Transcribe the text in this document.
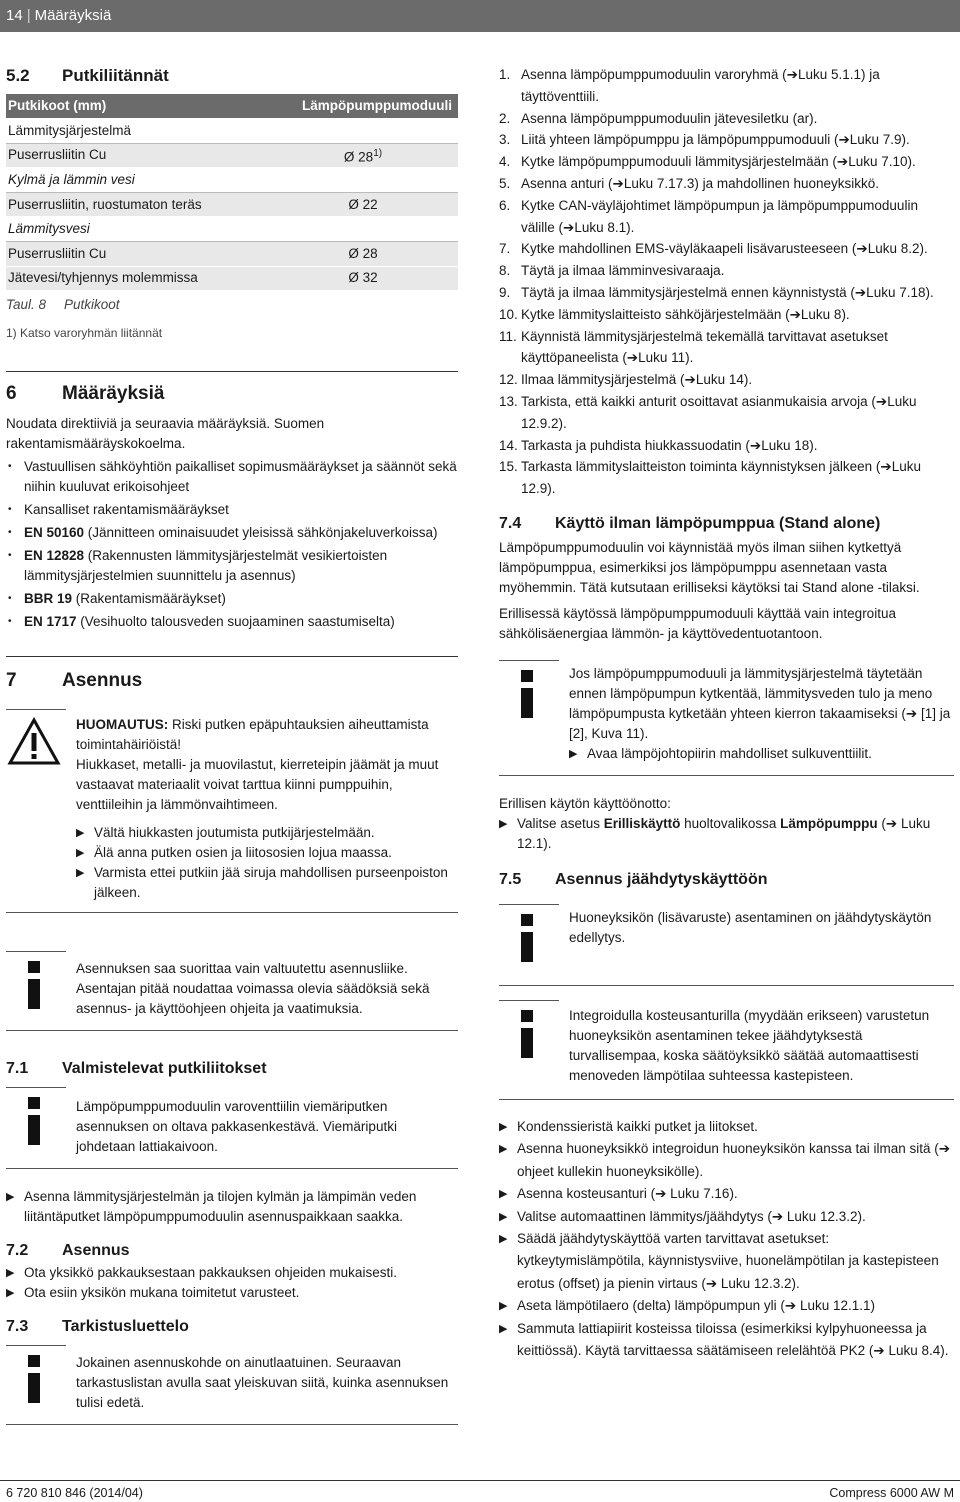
14 | Määräyksiä
5.2 Putkiliitännät
Putkikoot (mm)	Lämpöpumppumoduuli
Lämmitysjärjestelmä	
Puserrusliitin Cu	Ø 28$^{1)}$
Kylmä ja lämmin vesi	
Puserrusliitin, ruostumaton teräs	Ø 22
Lämmitysvesi	
Puserrusliitin Cu	Ø 28
Jätevesi/tyhjennys molemmissa	Ø 32
Taul. 8 Putkikoot
1) Katso varoryhmän liitännät
6 Määräyksiä

Noudata direktiiviä ja seuraavia määräyksiä. Suomen rakentamismääräyskokoelma.

• Vastuullisen sähköyhtiön paikalliset sopimusmääräykset ja säännöt sekä niihin kuuluvat erikoisohjeet
• Kansalliset rakentamismääräykset
• EN 50160 (Jännitteen ominaisuudet yleisissä sähkönjakeluverkoissa)
• EN 12828 (Rakennusten lämmitysjärjestelmät vesikiertoisten lämmitysjärjestelmien suunnittelu ja asennus)
• BBR 19 (Rakentamismääräykset)
• EN 1717 (Vesihuolto talousveden suojaaminen saastumiselta)
7 Asennus

HUOMAUTUS: Riski putken epäpuhtauksien aiheuttamista toimintahäiriöistä!

Hiukkaset, metalli- ja muovilastut, kierreteipin jäämät ja muut vastaavat materiaalit voivat tarttua kiinni pumppuihin, venttiileihin ja lämmönvaihtimeen.

▶ Vältä hiukkasten joutumista putkijärjestelmään.
▶ Älä anna putken osien ja liitososien lojua maassa.
▶ Varmista ettei putkiin jää siruja mahdollisen purseenpoiston jälkeen.

Asennuksen saa suorittaa vain valtuutettu asennusliike. Asentajan pitää noudattaa voimassa olevia säädöksiä sekä asennus- ja käyttöohjeen ohjeita ja vaatimuksia.

7.1 Valmistelevat putkiliitokset

Lämpöpumppumoduulin varoventtiilin viemäriputken asennuksen on oltava pakkasenkestävä. Viemäriputki johdetaan lattiakaivoon.

▶ Asenna lämmitysjärjestelmän ja tilojen kylmän ja lämpimän veden liitäntäputket lämpöpumppumoduulin asennuspaikkaan saakka.
7.2 Asennus
▶ Ota yksikkö pakkauksestaan pakkauksen ohjeiden mukaisesti.
▶ Ota esiin yksikön mukana toimitetut varusteet.
7.3 Tarkistusluettelo

Jokainen asennuskohde on ainutlaatuinen. Seuraavan tarkastuslistan avulla saat yleiskuvan siitä, kuinka asennuksen tulisi edetä.

1. Asenna lämpöpumppumoduulin varoryhmä (➔Luku 5.1.1) ja täyttöventtiili.
2. Asenna lämpöpumppumoduulin jätevesiletku (ar).
3. Liitä yhteen lämpöpumppu ja lämpöpumppumoduuli (➔Luku 7.9).
4. Kytke lämpöpumppumoduuli lämmitysjärjestelmään (➔Luku 7.10).
5. Asenna anturi (➔Luku 7.17.3) ja mahdollinen huoneyksikkö.
6. Kytke CAN-väyläjohtimet lämpöpumpun ja lämpöpumppumoduulin välille (➔Luku 8.1).
7. Kytke mahdollinen EMS-väyläkaapeli lisävarusteeseen (➔Luku 8.2).
8. Täytä ja ilmaa lämminvesivaraaja.
9. Täytä ja ilmaa lämmitysjärjestelmä ennen käynnistystä (➔Luku 7.18).
10. Kytke lämmityslaitteisto sähköjärjestelmään (➔Luku 8).
11. Käynnistä lämmitysjärjestelmä tekemällä tarvittavat asetukset käyttöpaneelista (➔Luku 11).
12. Ilmaa lämmitysjärjestelmä (➔Luku 14).
13. Tarkista, että kaikki anturit osoittavat asianmukaisia arvoja (➔Luku 12.9.2).
14. Tarkasta ja puhdista hiukkassuodatin (➔Luku 18).
15. Tarkasta lämmityslaitteiston toiminta käynnistyksen jälkeen (➔Luku 12.9).
7.4 Käyttö ilman lämpöpumppua (Stand alone)

Lämpöpumppumoduulin voi käynnistää myös ilman siihen kytkettyä lämpöpumppua, esimerkiksi jos lämpöpumppu asennetaan vasta myöhemmin. Tätä kutsutaan erilliseksi käytöksi tai Stand alone -tilaksi.

Erillisessä käytössä lämpöpumppumoduuli käyttää vain integroitua sähkölisäenergiaa lämmön- ja käyttövedentuotantoon.

Jos lämpöpumppumoduuli ja lämmitysjärjestelmä täytetään ennen lämpöpumpun kytkentää, lämmitysveden tulo ja meno lämpöpumpusta kytketään yhteen kierron takaamiseksi (➔ [1] ja [2], Kuva 11).

▶ Avaa lämpöjohtopiirin mahdolliset sulkuventtiilit.

Erillisen käytön käyttöönotto:

▶ Valitse asetus Erilliskäyttö huoltovalikossa Lämpöpumppu (➔ Luku 12.1).
7.5 Asennus jäähdytyskäyttöön

Huoneyksikön (lisävaruste) asentaminen on jäähdytyskäytön edellytys.

Integroidulla kosteusanturilla (myydään erikseen) varustetun huoneyksikön asentaminen tekee jäähdytyksestä turvallisempaa, koska säätöyksikkö säätää automaattisesti menoveden lämpötilaa suhteessa kastepisteen.

▶ Kondenssieristä kaikki putket ja liitokset.
▶ Asenna huoneyksikkö integroidun huoneyksikön kanssa tai ilman sitä (➔ ohjeet kullekin huoneyksikölle).
▶ Asenna kosteusanturi (➔ Luku 7.16).
▶ Valitse automaattinen lämmitys/jäähdytys (➔ Luku 12.3.2).
▶ Säädä jäähdytyskäyttöä varten tarvittavat asetukset: kytkeytymislämpötila, käynnistysviive, huonelämpötilan ja kastepisteen erotus (offset) ja pienin virtaus (➔ Luku 12.3.2).
▶ Aseta lämpötilaero (delta) lämpöpumpun yli (➔ Luku 12.1.1)
▶ Sammuta lattiapiirit kosteissa tiloissa (esimerkiksi kylpyhuoneessa ja keittiössä). Käytä tarvittaessa säätämiseen relelähtöä PK2 (➔ Luku 8.4).
6 720 810 846 (2014/04)	Compress 6000 AW M
